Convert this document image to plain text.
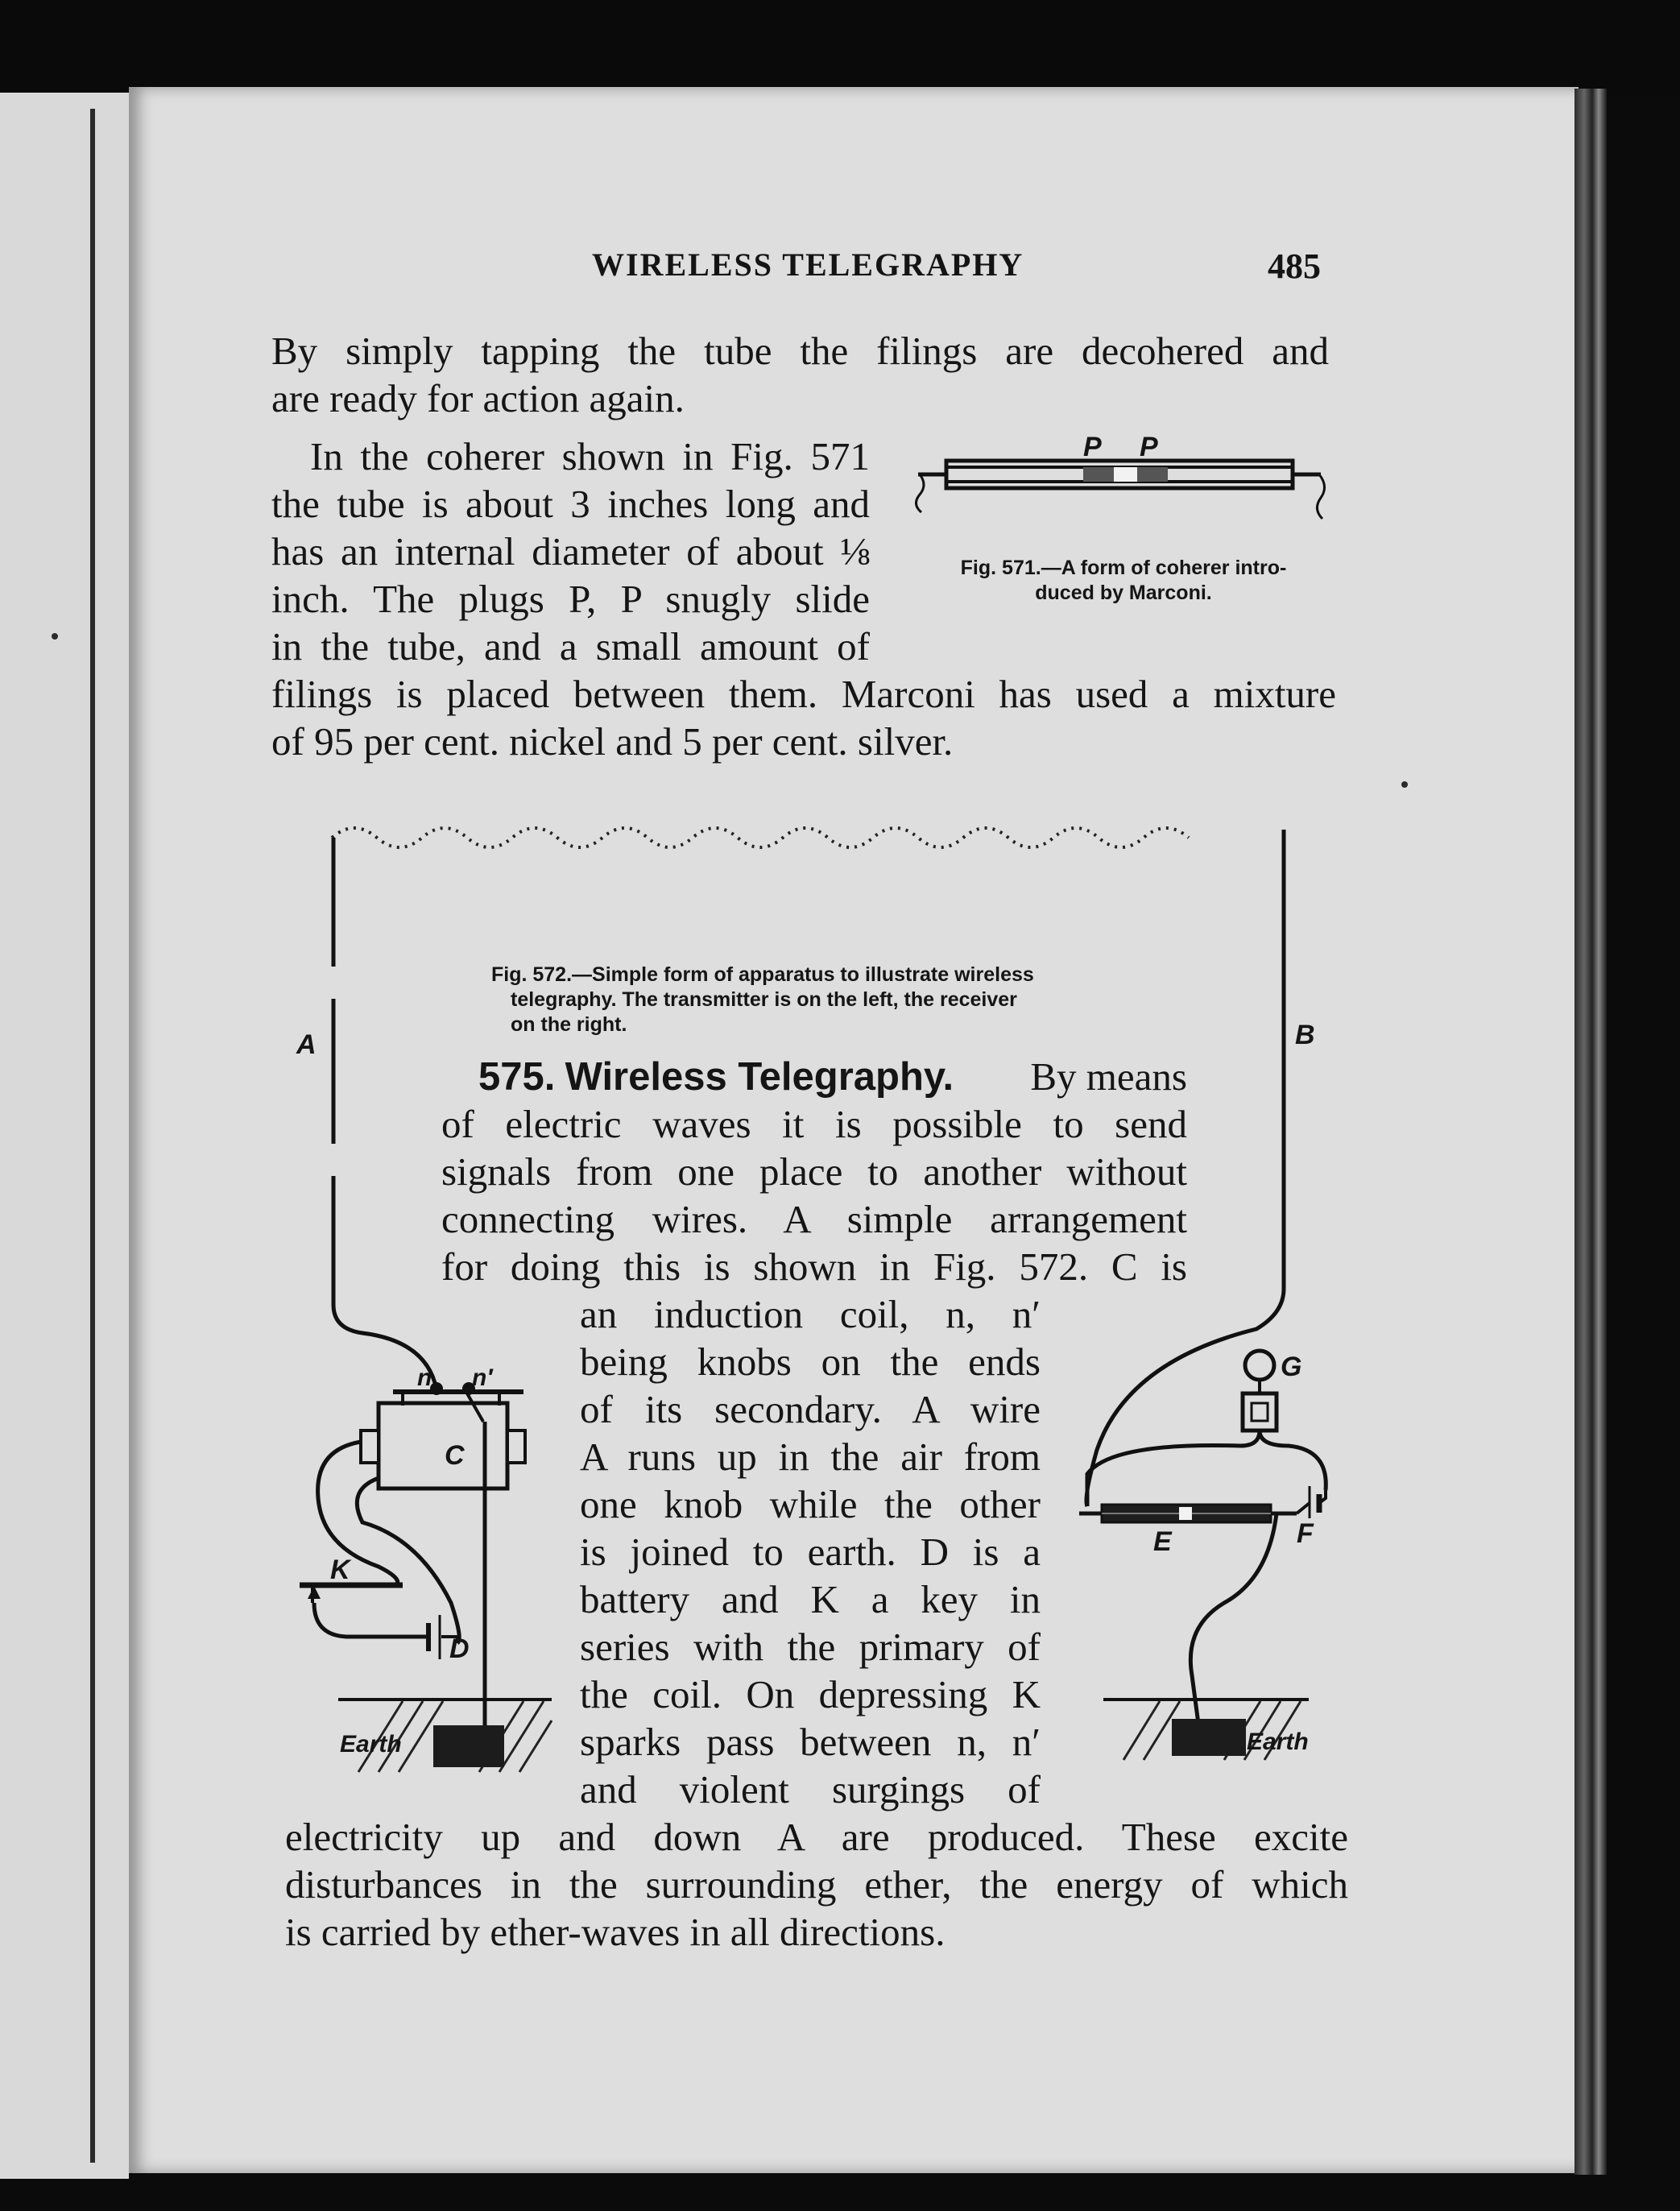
WIRELESS TELEGRAPHY	485

By simply tapping the tube the filings are decohered and

are ready for action again.

In the coherer shown in Fig. 571

the tube is about 3 inches long and

has an internal diameter of about ⅛

inch. The plugs P, P snugly slide

in the tube, and a small amount of

filings is placed between them. Marconi has used a mixture

of 95 per cent. nickel and 5 per cent. silver.

P P
Fig. 571.—A form of coherer intro-
duced by Marconi.
A	B
n n′
C
K
D
Earth
G
E	F
Earth
Fig. 572.—Simple form of apparatus to illustrate wireless
telegraphy. The transmitter is on the left, the receiver
on the right.
575. Wireless Telegraphy. By means

of electric waves it is possible to send

signals from one place to another without

connecting wires. A simple arrangement

for doing this is shown in Fig. 572. C is

an induction coil, n, n′

being knobs on the ends

of its secondary. A wire

A runs up in the air from

one knob while the other

is joined to earth. D is a

battery and K a key in

series with the primary of

the coil. On depressing K

sparks pass between n, n′

and violent surgings of

electricity up and down A are produced. These excite

disturbances in the surrounding ether, the energy of which

is carried by ether-waves in all directions.
